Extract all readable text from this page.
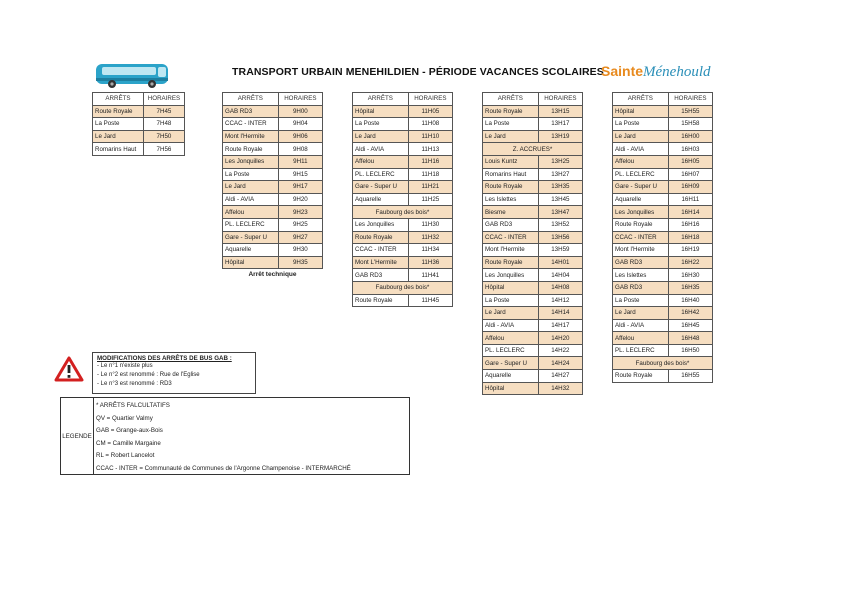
TRANSPORT URBAIN MENEHILDIEN - PÉRIODE VACANCES SCOLAIRES
SainteMénehould
ARRÊTS	HORAIRES
Route Royale	7H45
La Poste	7H48
Le Jard	7H50
Romarins Haut	7H56
ARRÊTS	HORAIRES
GAB RD3	9H00
CCAC - INTER	9H04
Mont l'Hermite	9H06
Route Royale	9H08
Les Jonquilles	9H11
La Poste	9H15
Le Jard	9H17
Aldi - AVIA	9H20
Affelou	9H23
PL. LECLERC	9H25
Gare - Super U	9H27
Aquarelle	9H30
Hôpital	9H35
Arrêt technique
ARRÊTS	HORAIRES
Hôpital	11H05
La Poste	11H08
Le Jard	11H10
Aldi - AVIA	11H13
Affelou	11H16
PL. LECLERC	11H18
Gare - Super U	11H21
Aquarelle	11H25
Faubourg des bois*	
Les Jonquilles	11H30
Route Royale	11H32
CCAC - INTER	11H34
Mont L'Hermite	11H36
GAB RD3	11H41
Faubourg des bois*	
Route Royale	11H45
ARRÊTS	HORAIRES
Route Royale	13H15
La Poste	13H17
Le Jard	13H19
Z. ACCRUES*	
Louis Kuntz	13H25
Romarins Haut	13H27
Route Royale	13H35
Les Islettes	13H45
Biesme	13H47
GAB RD3	13H52
CCAC - INTER	13H56
Mont l'Hermite	13H59
Route Royale	14H01
Les Jonquilles	14H04
Hôpital	14H08
La Poste	14H12
Le Jard	14H14
Aldi - AVIA	14H17
Affelou	14H20
PL. LECLERC	14H22
Gare - Super U	14H24
Aquarelle	14H27
Hôpital	14H32
ARRÊTS	HORAIRES
Hôpital	15H55
La Poste	15H58
Le Jard	16H00
Aldi - AVIA	16H03
Affelou	16H05
PL. LECLERC	16H07
Gare - Super U	16H09
Aquarelle	16H11
Les Jonquilles	16H14
Route Royale	16H16
CCAC - INTER	16H18
Mont l'Hermite	16H19
GAB RD3	16H22
Les Islettes	16H30
GAB RD3	16H35
La Poste	16H40
Le Jard	16H42
Aldi - AVIA	16H45
Affelou	16H48
PL. LECLERC	16H50
Faubourg des bois*	
Route Royale	16H55
MODIFICATIONS DES ARRÊTS DE BUS GAB :
- Le n°1 n'existe plus
- Le n°2 est renommé : Rue de l'Eglise
- Le n°3 est renommé : RD3
LEGENDE
* ARRÊTS FALCULTATIFS
QV = Quartier Valmy
GAB = Grange-aux-Bois
CM = Camille Margaine
RL = Robert Lancelot
CCAC - INTER = Communauté de Communes de l'Argonne Champenoise - INTERMARCHÉ
